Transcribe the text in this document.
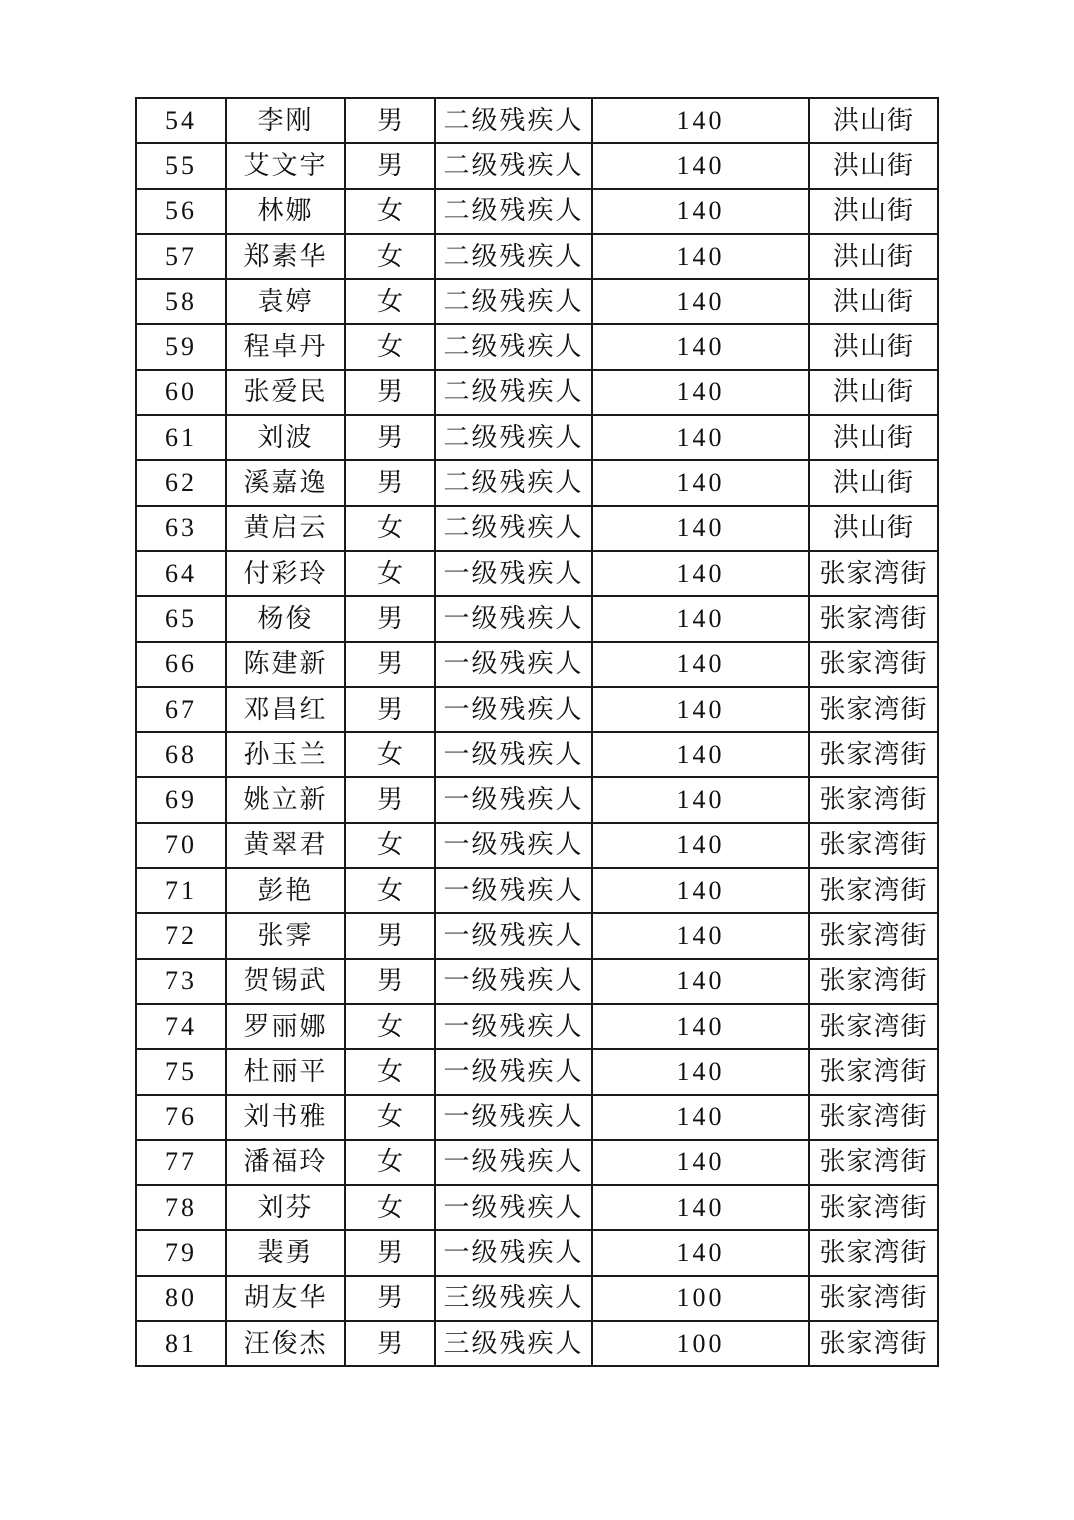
54	李刚	男	二级残疾人	140	洪山街
55	艾文宇	男	二级残疾人	140	洪山街
56	林娜	女	二级残疾人	140	洪山街
57	郑素华	女	二级残疾人	140	洪山街
58	袁婷	女	二级残疾人	140	洪山街
59	程卓丹	女	二级残疾人	140	洪山街
60	张爱民	男	二级残疾人	140	洪山街
61	刘波	男	二级残疾人	140	洪山街
62	溪嘉逸	男	二级残疾人	140	洪山街
63	黄启云	女	二级残疾人	140	洪山街
64	付彩玲	女	一级残疾人	140	张家湾街
65	杨俊	男	一级残疾人	140	张家湾街
66	陈建新	男	一级残疾人	140	张家湾街
67	邓昌红	男	一级残疾人	140	张家湾街
68	孙玉兰	女	一级残疾人	140	张家湾街
69	姚立新	男	一级残疾人	140	张家湾街
70	黄翠君	女	一级残疾人	140	张家湾街
71	彭艳	女	一级残疾人	140	张家湾街
72	张霁	男	一级残疾人	140	张家湾街
73	贺锡武	男	一级残疾人	140	张家湾街
74	罗丽娜	女	一级残疾人	140	张家湾街
75	杜丽平	女	一级残疾人	140	张家湾街
76	刘书雅	女	一级残疾人	140	张家湾街
77	潘福玲	女	一级残疾人	140	张家湾街
78	刘芬	女	一级残疾人	140	张家湾街
79	裴勇	男	一级残疾人	140	张家湾街
80	胡友华	男	三级残疾人	100	张家湾街
81	汪俊杰	男	三级残疾人	100	张家湾街
